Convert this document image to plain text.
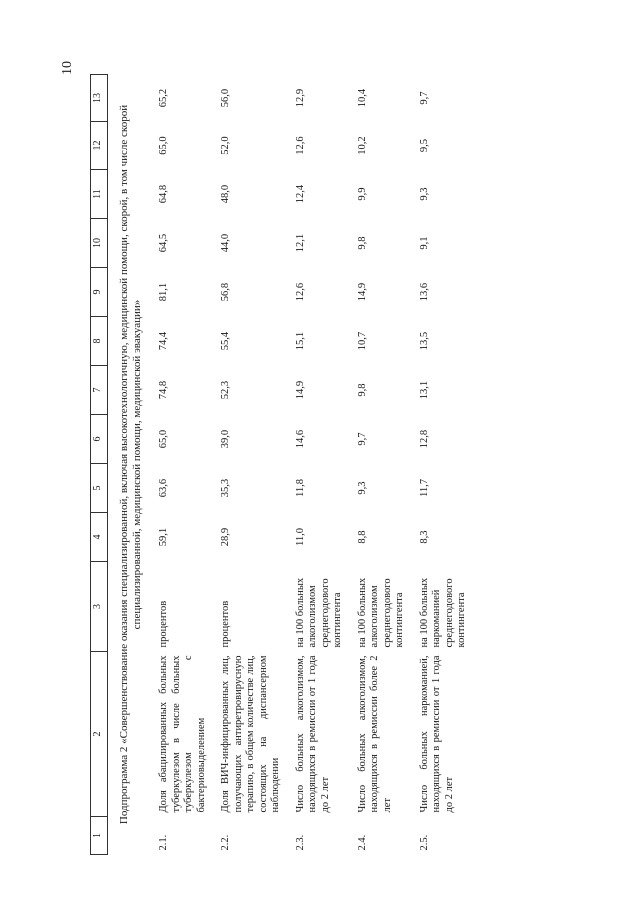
10
1	2	3	4	5	6	7	8	9	10	11	12	13
Подпрограмма 2 «Совершенствование оказания специализированной, включая высокотехнологичную, медицинской помощи, скорой, в том числе скорой специализированной, медицинской помощи, медицинской эвакуации»												
2.1.	Доля абацилированных больных туберкулезом в числе больных туберкулезом с бактериовыделением	процентов	59,1	63,6	65,0	74,8	74,4	81,1	64,5	64,8	65,0	65,2
2.2.	Доля ВИЧ-инфицированных лиц, получающих антиретровирусную терапию, в общем количестве лиц, состоящих на диспансерном наблюдении	процентов	28,9	35,3	39,0	52,3	55,4	56,8	44,0	48,0	52,0	56,0
2.3.	Число больных алкоголизмом, находящихся в ремиссии от 1 года до 2 лет	на 100 больных алкоголизмом среднегодового контингента	11,0	11,8	14,6	14,9	15,1	12,6	12,1	12,4	12,6	12,9
2.4.	Число больных алкоголизмом, находящихся в ремиссии более 2 лет	на 100 больных алкоголизмом среднегодового контингента	8,8	9,3	9,7	9,8	10,7	14,9	9,8	9,9	10,2	10,4
2.5.	Число больных наркоманией, находящихся в ремиссии от 1 года до 2 лет	на 100 больных наркоманией среднегодового контингента	8,3	11,7	12,8	13,1	13,5	13,6	9,1	9,3	9,5	9,7
